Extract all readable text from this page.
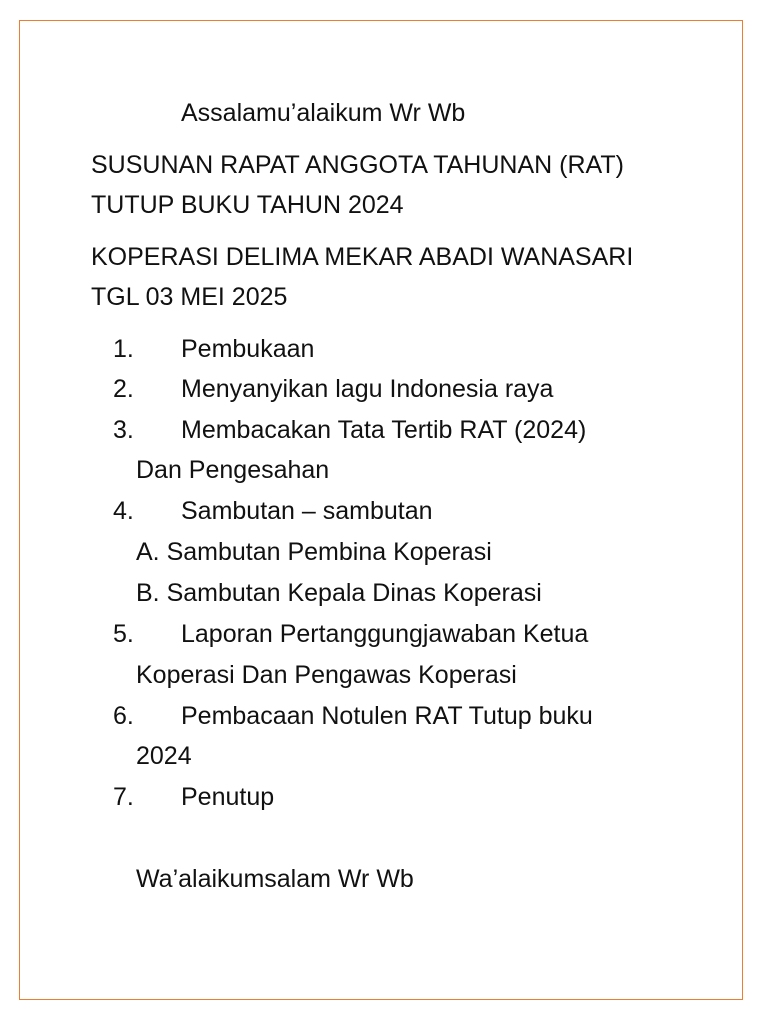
Assalamu’alaikum Wr Wb
SUSUNAN RAPAT ANGGOTA TAHUNAN (RAT)
TUTUP BUKU TAHUN 2024
KOPERASI DELIMA MEKAR ABADI WANASARI
TGL 03 MEI 2025
1.	Pembukaan
2.	Menyanyikan lagu Indonesia raya
3.	Membacakan Tata Tertib RAT (2024)
Dan Pengesahan
4.	Sambutan – sambutan
A. Sambutan Pembina Koperasi
B. Sambutan Kepala Dinas Koperasi
5.	Laporan Pertanggungjawaban Ketua
Koperasi Dan Pengawas Koperasi
6.	Pembacaan Notulen RAT Tutup buku
2024
7.	Penutup
Wa’alaikumsalam Wr Wb
